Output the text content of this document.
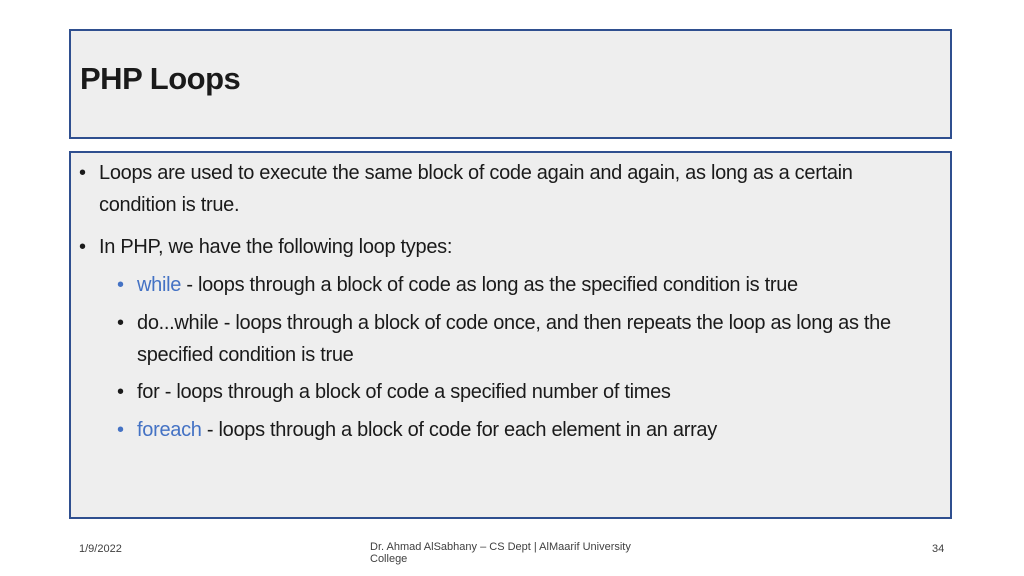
PHP Loops
• Loops are used to execute the same block of code again and again, as long as a certain
condition is true.
• In PHP, we have the following loop types:
• while - loops through a block of code as long as the specified condition is true
• do...while - loops through a block of code once, and then repeats the loop as long as the
specified condition is true
• for - loops through a block of code a specified number of times
• foreach - loops through a block of code for each element in an array
1/9/2022	Dr. Ahmad AlSabhany – CS Dept | AlMaarif University College
34
